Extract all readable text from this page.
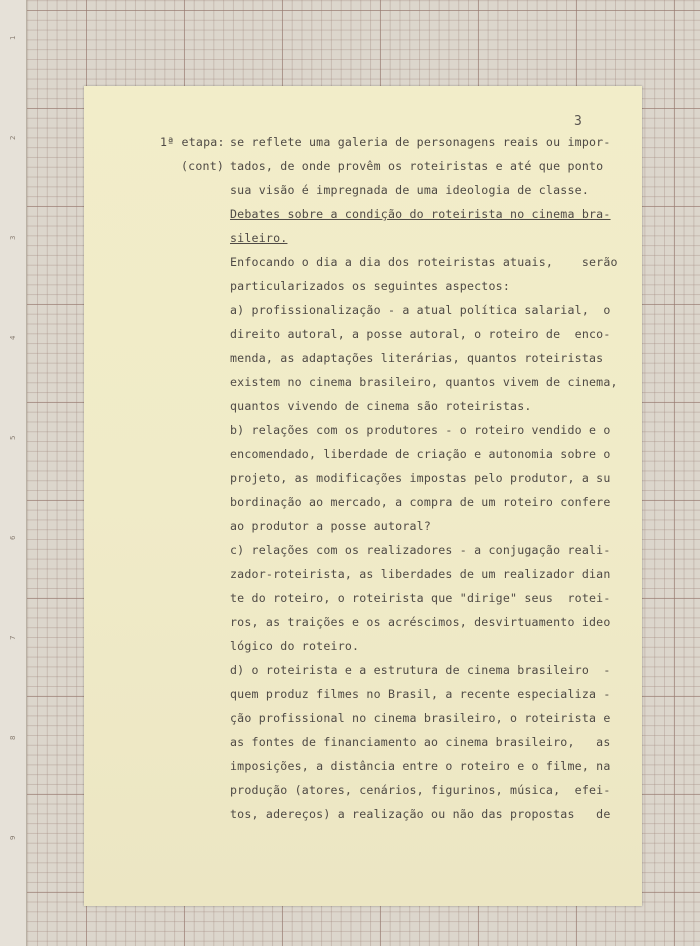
1
2
3
4
5
6
7
8
9
3
1ª etapa:
(cont)
se reflete uma galeria de personagens reais ou impor-
tados, de onde provêm os roteiristas e até que ponto
sua visão é impregnada de uma ideologia de classe.
Debates sobre a condição do roteirista no cinema bra-
sileiro.
Enfocando o dia a dia dos roteiristas atuais,    serão
particularizados os seguintes aspectos:
a) profissionalização - a atual política salarial,  o
direito autoral, a posse autoral, o roteiro de  enco-
menda, as adaptações literárias, quantos roteiristas
existem no cinema brasileiro, quantos vivem de cinema,
quantos vivendo de cinema são roteiristas.
b) relações com os produtores - o roteiro vendido e o
encomendado, liberdade de criação e autonomia sobre o
projeto, as modificações impostas pelo produtor, a su
bordinação ao mercado, a compra de um roteiro confere
ao produtor a posse autoral?
c) relações com os realizadores - a conjugação reali-
zador-roteirista, as liberdades de um realizador dian
te do roteiro, o roteirista que "dirige" seus  rotei-
ros, as traições e os acréscimos, desvirtuamento ideo
lógico do roteiro.
d) o roteirista e a estrutura de cinema brasileiro  -
quem produz filmes no Brasil, a recente especializa -
ção profissional no cinema brasileiro, o roteirista e
as fontes de financiamento ao cinema brasileiro,   as
imposições, a distância entre o roteiro e o filme, na
produção (atores, cenários, figurinos, música,  efei-
tos, adereços) a realização ou não das propostas   de
